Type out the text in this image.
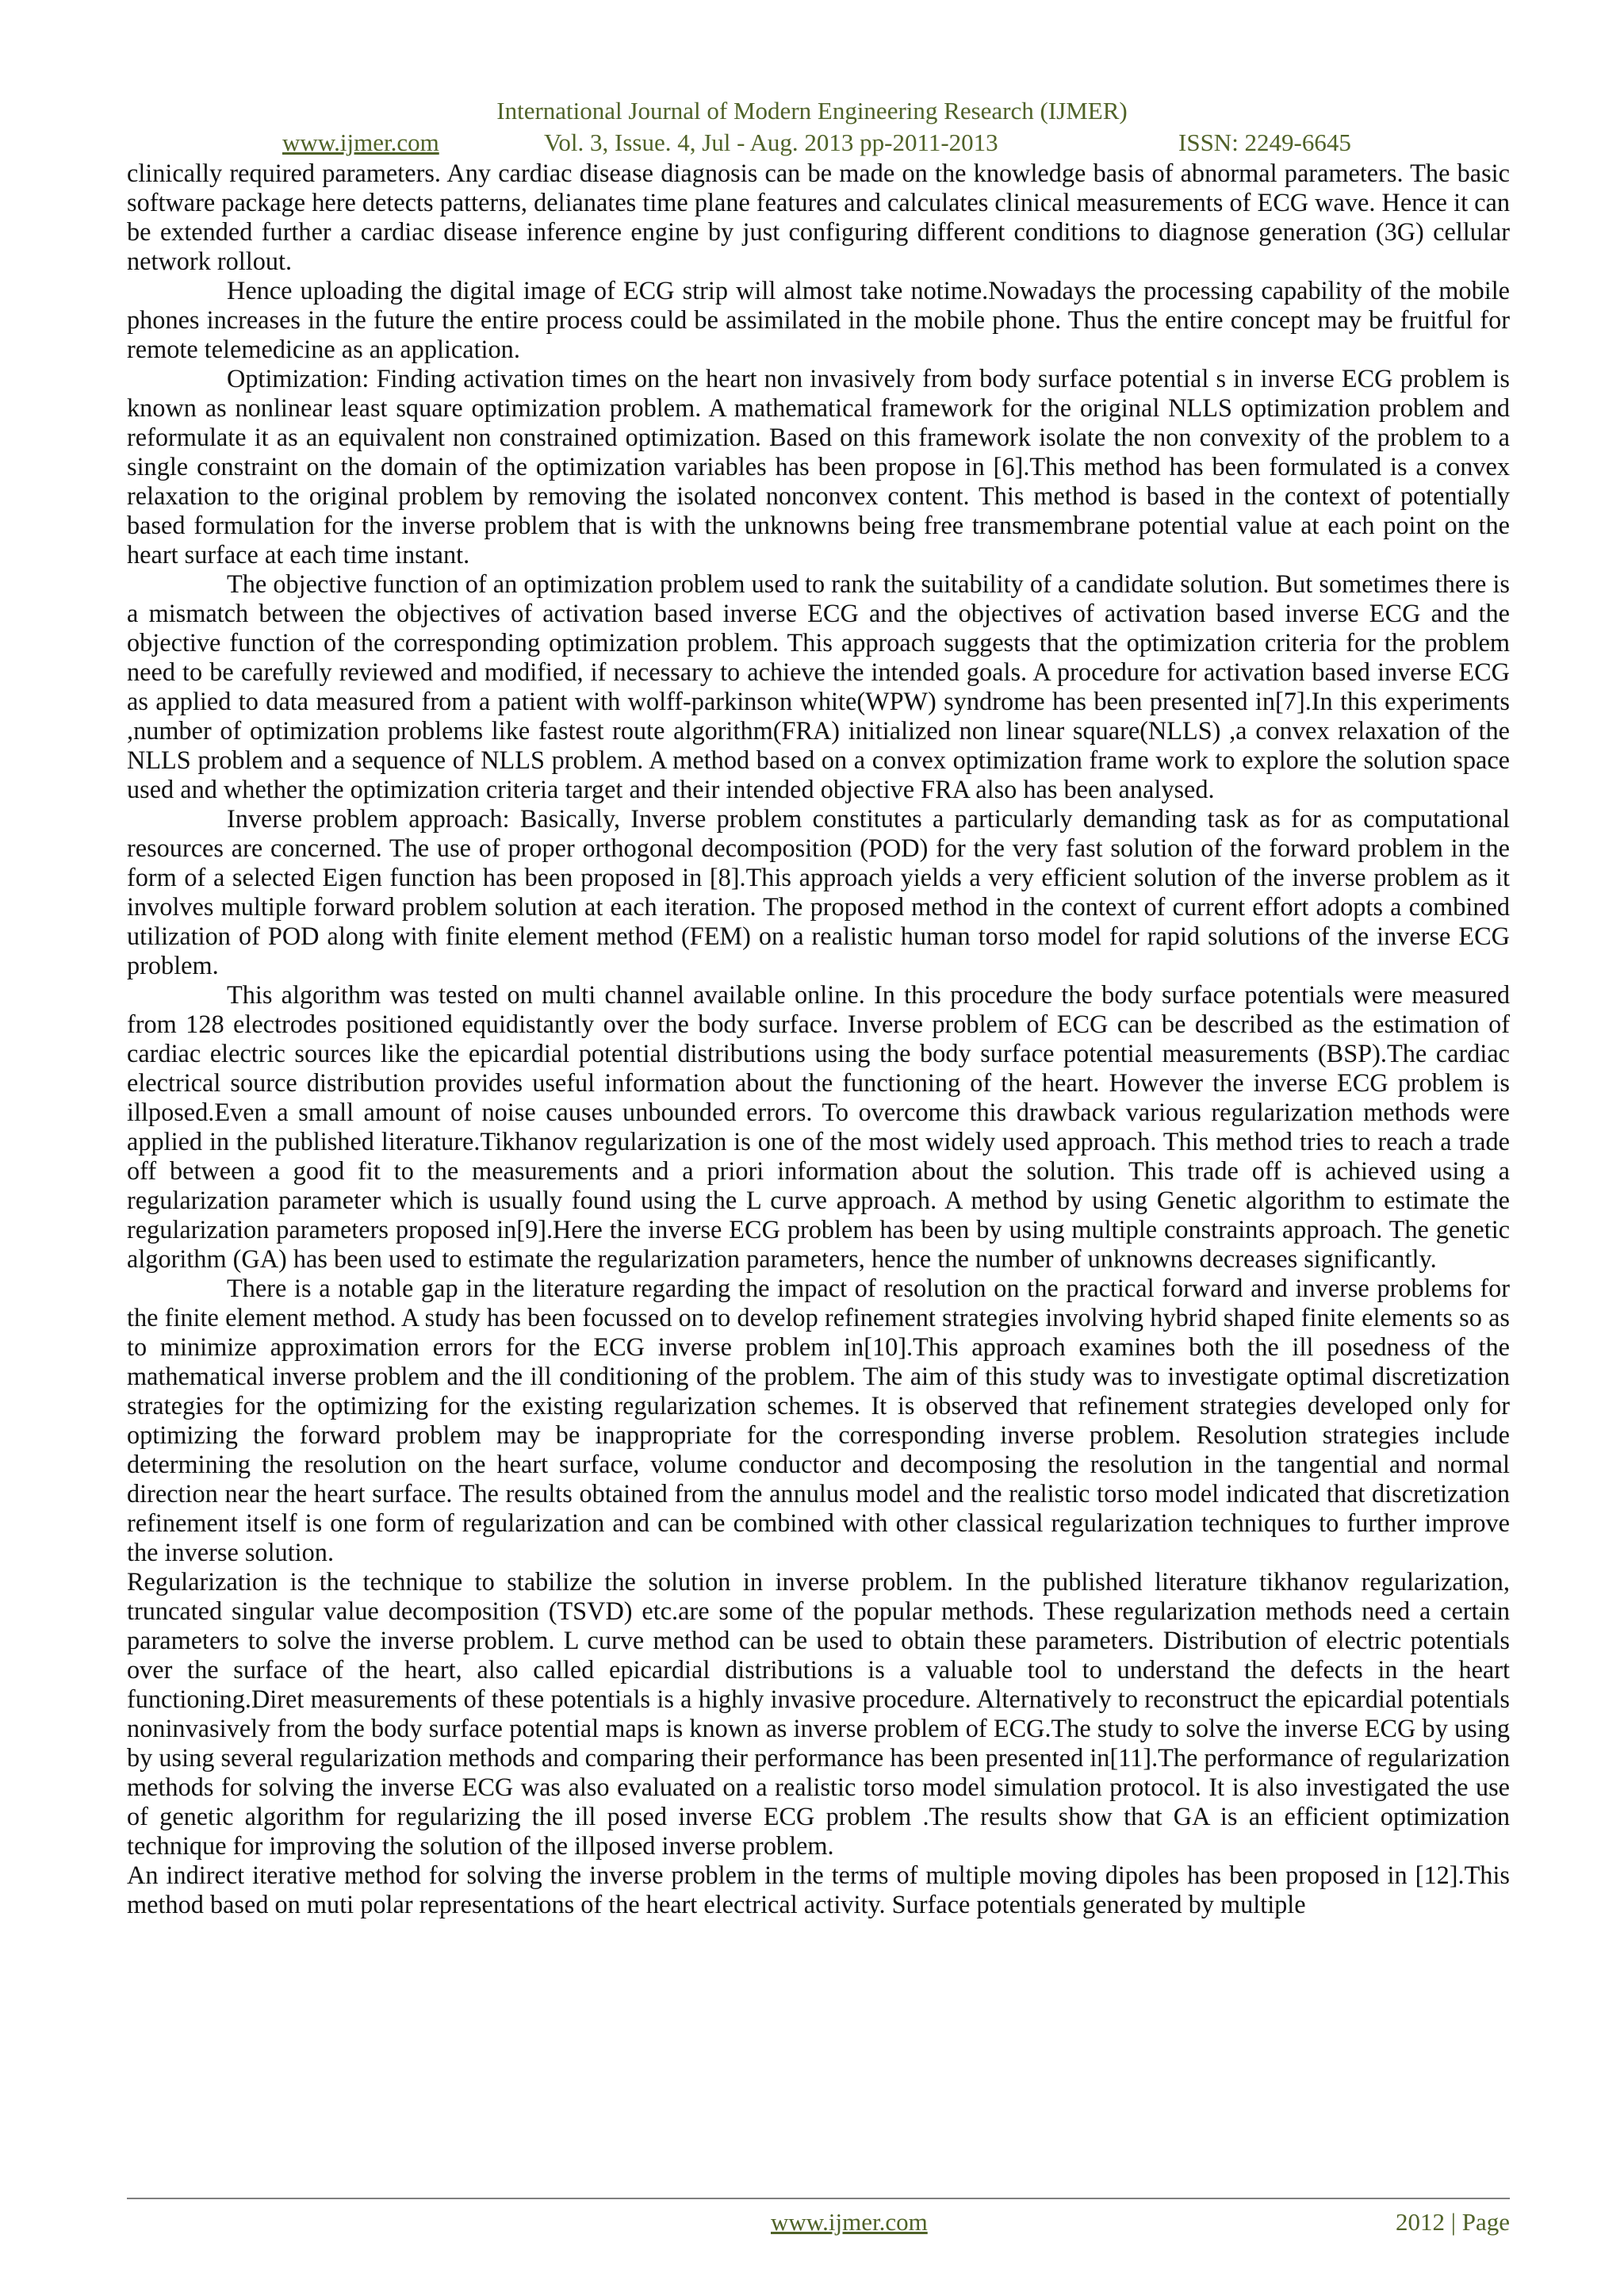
International Journal of Modern Engineering Research (IJMER)
www.ijmer.com	Vol. 3, Issue. 4, Jul - Aug. 2013 pp-2011-2013	ISSN: 2249-6645

clinically required parameters. Any cardiac disease diagnosis can be made on the knowledge basis of abnormal parameters. The basic software package here detects patterns, delianates time plane features and calculates clinical measurements of ECG wave. Hence it can be extended further a cardiac disease inference engine by just configuring different conditions to diagnose generation (3G) cellular network rollout.

Hence uploading the digital image of ECG strip will almost take notime.Nowadays the processing capability of the mobile phones increases in the future the entire process could be assimilated in the mobile phone. Thus the entire concept may be fruitful for remote telemedicine as an application.

Optimization: Finding activation times on the heart non invasively from body surface potential s in inverse ECG problem is known as nonlinear least square optimization problem. A mathematical framework for the original NLLS optimization problem and reformulate it as an equivalent non constrained optimization. Based on this framework isolate the non convexity of the problem to a single constraint on the domain of the optimization variables has been propose in [6].This method has been formulated is a convex relaxation to the original problem by removing the isolated nonconvex content. This method is based in the context of potentially based formulation for the inverse problem that is with the unknowns being free transmembrane potential value at each point on the heart surface at each time instant.

The objective function of an optimization problem used to rank the suitability of a candidate solution. But sometimes there is a mismatch between the objectives of activation based inverse ECG and the objectives of activation based inverse ECG and the objective function of the corresponding optimization problem. This approach suggests that the optimization criteria for the problem need to be carefully reviewed and modified, if necessary to achieve the intended goals. A procedure for activation based inverse ECG as applied to data measured from a patient with wolff-parkinson white(WPW) syndrome has been presented in[7].In this experiments ,number of optimization problems like fastest route algorithm(FRA) initialized non linear square(NLLS) ,a convex relaxation of the NLLS problem and a sequence of NLLS problem. A method based on a convex optimization frame work to explore the solution space used and whether the optimization criteria target and their intended objective FRA also has been analysed.

Inverse problem approach: Basically, Inverse problem constitutes a particularly demanding task as for as computational resources are concerned. The use of proper orthogonal decomposition (POD) for the very fast solution of the forward problem in the form of a selected Eigen function has been proposed in [8].This approach yields a very efficient solution of the inverse problem as it involves multiple forward problem solution at each iteration. The proposed method in the context of current effort adopts a combined utilization of POD along with finite element method (FEM) on a realistic human torso model for rapid solutions of the inverse ECG problem.

This algorithm was tested on multi channel available online. In this procedure the body surface potentials were measured from 128 electrodes positioned equidistantly over the body surface. Inverse problem of ECG can be described as the estimation of cardiac electric sources like the epicardial potential distributions using the body surface potential measurements (BSP).The cardiac electrical source distribution provides useful information about the functioning of the heart. However the inverse ECG problem is illposed.Even a small amount of noise causes unbounded errors. To overcome this drawback various regularization methods were applied in the published literature.Tikhanov regularization is one of the most widely used approach. This method tries to reach a trade off between a good fit to the measurements and a priori information about the solution. This trade off is achieved using a regularization parameter which is usually found using the L curve approach. A method by using Genetic algorithm to estimate the regularization parameters proposed in[9].Here the inverse ECG problem has been by using multiple constraints approach. The genetic algorithm (GA) has been used to estimate the regularization parameters, hence the number of unknowns decreases significantly.

There is a notable gap in the literature regarding the impact of resolution on the practical forward and inverse problems for the finite element method. A study has been focussed on to develop refinement strategies involving hybrid shaped finite elements so as to minimize approximation errors for the ECG inverse problem in[10].This approach examines both the ill posedness of the mathematical inverse problem and the ill conditioning of the problem. The aim of this study was to investigate optimal discretization strategies for the optimizing for the existing regularization schemes. It is observed that refinement strategies developed only for optimizing the forward problem may be inappropriate for the corresponding inverse problem. Resolution strategies include determining the resolution on the heart surface, volume conductor and decomposing the resolution in the tangential and normal direction near the heart surface. The results obtained from the annulus model and the realistic torso model indicated that discretization refinement itself is one form of regularization and can be combined with other classical regularization techniques to further improve the inverse solution.

Regularization is the technique to stabilize the solution in inverse problem. In the published literature tikhanov regularization, truncated singular value decomposition (TSVD) etc.are some of the popular methods. These regularization methods need a certain parameters to solve the inverse problem. L curve method can be used to obtain these parameters. Distribution of electric potentials over the surface of the heart, also called epicardial distributions is a valuable tool to understand the defects in the heart functioning.Diret measurements of these potentials is a highly invasive procedure. Alternatively to reconstruct the epicardial potentials noninvasively from the body surface potential maps is known as inverse problem of ECG.The study to solve the inverse ECG by using by using several regularization methods and comparing their performance has been presented in[11].The performance of regularization methods for solving the inverse ECG was also evaluated on a realistic torso model simulation protocol. It is also investigated the use of genetic algorithm for regularizing the ill posed inverse ECG problem .The results show that GA is an efficient optimization technique for improving the solution of the illposed inverse problem.

An indirect iterative method for solving the inverse problem in the terms of multiple moving dipoles has been proposed in [12].This method based on muti polar representations of the heart electrical activity. Surface potentials generated by multiple

www.ijmer.com	2012 | Page
